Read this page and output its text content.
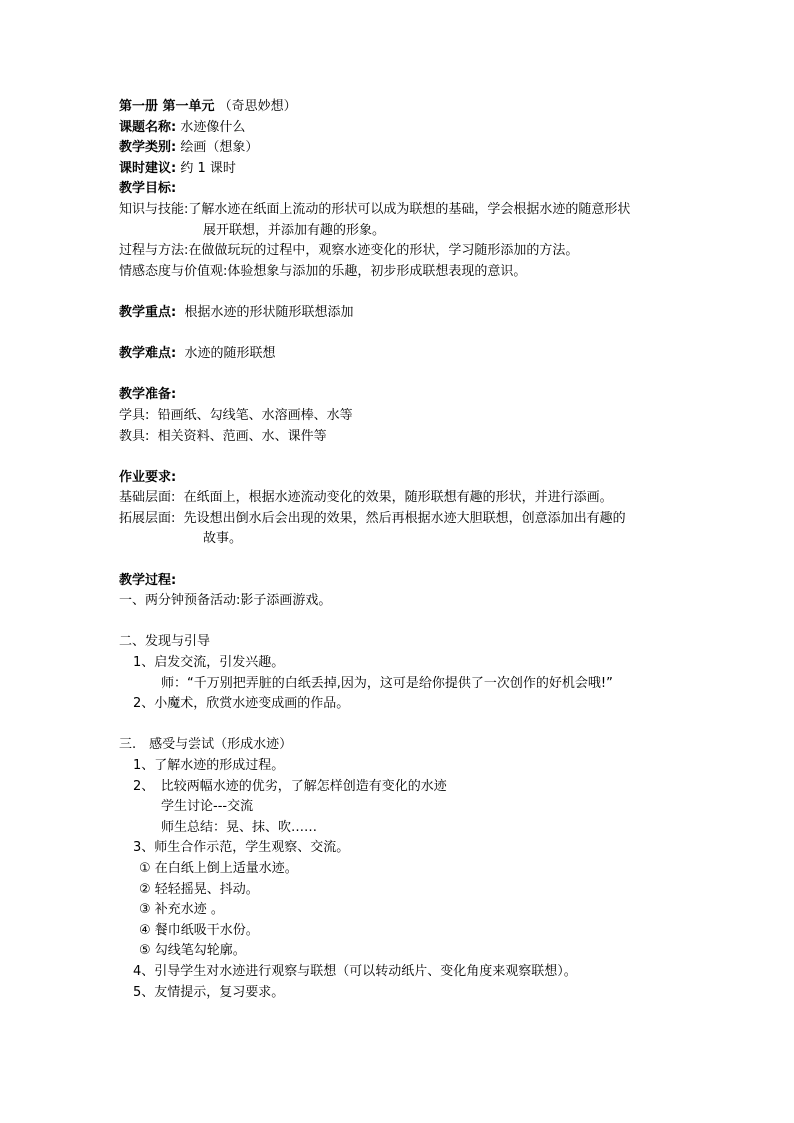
第一册 第一单元 （奇思妙想）
课题名称: 水迹像什么
教学类别: 绘画（想象）
课时建议: 约 1 课时
教学目标:
知识与技能:了解水迹在纸面上流动的形状可以成为联想的基础，学会根据水迹的随意形状
展开联想，并添加有趣的形象。
过程与方法:在做做玩玩的过程中，观察水迹变化的形状，学习随形添加的方法。
情感态度与价值观:体验想象与添加的乐趣，初步形成联想表现的意识。
教学重点: 根据水迹的形状随形联想添加
教学难点: 水迹的随形联想
教学准备:
学具: 铅画纸、勾线笔、水溶画棒、水等
教具: 相关资料、范画、水、课件等
作业要求:
基础层面: 在纸面上，根据水迹流动变化的效果，随形联想有趣的形状，并进行添画。
拓展层面: 先设想出倒水后会出现的效果，然后再根据水迹大胆联想，创意添加出有趣的
故事。
教学过程:
一、两分钟预备活动:影子添画游戏。
二、发现与引导
1、启发交流，引发兴趣。
师：“千万别把弄脏的白纸丢掉,因为，这可是给你提供了一次创作的好机会哦!”
2、小魔术，欣赏水迹变成画的作品。
三.　感受与尝试（形成水迹）
1、了解水迹的形成过程。
2、　比较两幅水迹的优劣，了解怎样创造有变化的水迹
学生讨论---交流
师生总结：晃、抹、吹……
3、师生合作示范，学生观察、交流。
① 在白纸上倒上适量水迹。
② 轻轻摇晃、抖动。
③ 补充水迹 。
④ 餐巾纸吸干水份。
⑤ 勾线笔勾轮廓。
4、引导学生对水迹进行观察与联想（可以转动纸片、变化角度来观察联想）。
5、友情提示，复习要求。
